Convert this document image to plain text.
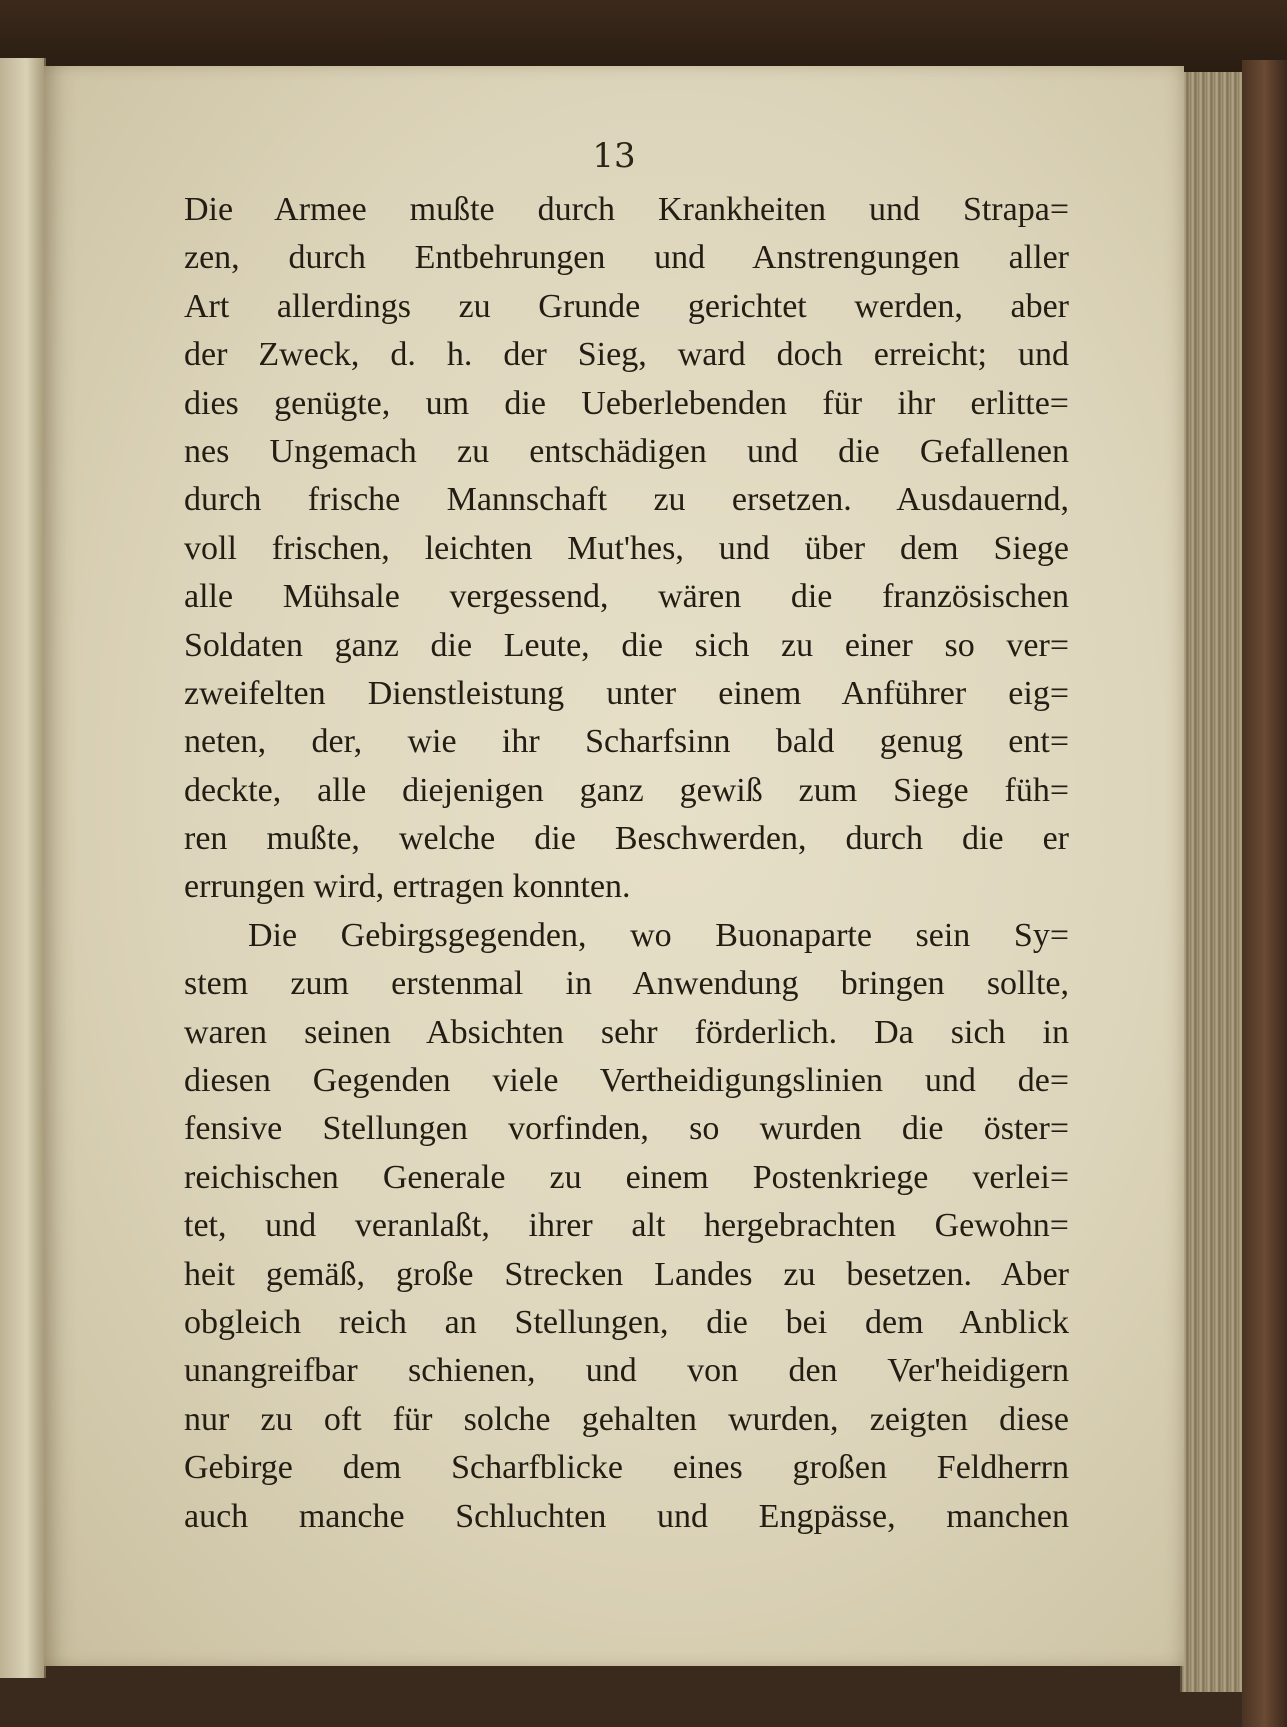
13
Die Armee mußte durch Krankheiten und Strapa=
zen, durch Entbehrungen und Anstrengungen aller
Art allerdings zu Grunde gerichtet werden, aber
der Zweck, d. h. der Sieg, ward doch erreicht; und
dies genügte, um die Ueberlebenden für ihr erlitte=
nes Ungemach zu entschädigen und die Gefallenen
durch frische Mannschaft zu ersetzen. Ausdauernd,
voll frischen, leichten Mut'hes, und über dem Siege
alle Mühsale vergessend, wären die französischen
Soldaten ganz die Leute, die sich zu einer so ver=
zweifelten Dienstleistung unter einem Anführer eig=
neten, der, wie ihr Scharfsinn bald genug ent=
deckte, alle diejenigen ganz gewiß zum Siege füh=
ren mußte, welche die Beschwerden, durch die er
errungen wird, ertragen konnten.
Die Gebirgsgegenden, wo Buonaparte sein Sy=
stem zum erstenmal in Anwendung bringen sollte,
waren seinen Absichten sehr förderlich. Da sich in
diesen Gegenden viele Vertheidigungslinien und de=
fensive Stellungen vorfinden, so wurden die öster=
reichischen Generale zu einem Postenkriege verlei=
tet, und veranlaßt, ihrer alt hergebrachten Gewohn=
heit gemäß, große Strecken Landes zu besetzen. Aber
obgleich reich an Stellungen, die bei dem Anblick
unangreifbar schienen, und von den Ver'heidigern
nur zu oft für solche gehalten wurden, zeigten diese
Gebirge dem Scharfblicke eines großen Feldherrn
auch manche Schluchten und Engpässe, manchen
